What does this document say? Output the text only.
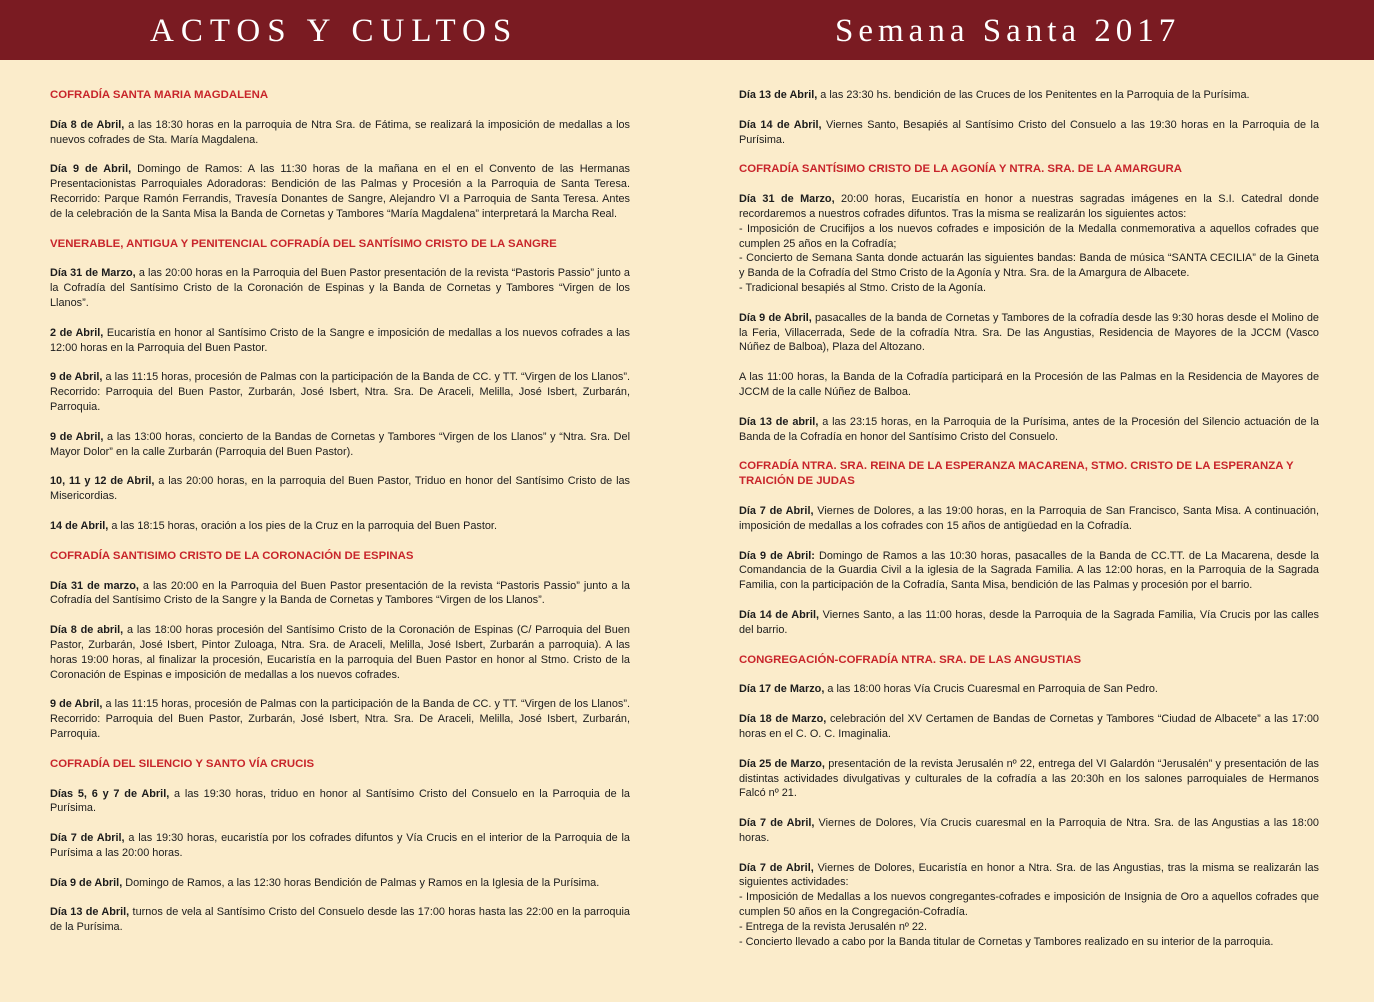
ACTOS Y CULTOS	Semana Santa 2017
COFRADÍA SANTA MARIA MAGDALENA
Día 8 de Abril, a las 18:30 horas en la parroquia de Ntra Sra. de Fátima, se realizará la imposición de medallas a los nuevos cofrades de Sta. María Magdalena.
Día 9 de Abril, Domingo de Ramos: A las 11:30 horas de la mañana en el en el Convento de las Hermanas Presentacionistas Parroquiales Adoradoras: Bendición de las Palmas y Procesión a la Parroquia de Santa Teresa. Recorrido: Parque Ramón Ferrandis, Travesía Donantes de Sangre, Alejandro VI a Parroquia de Santa Teresa. Antes de la celebración de la Santa Misa la Banda de Cornetas y Tambores “María Magdalena” interpretará la Marcha Real.
VENERABLE, ANTIGUA Y PENITENCIAL COFRADÍA DEL SANTÍSIMO CRISTO DE LA SANGRE
Día 31 de Marzo, a las 20:00 horas en la Parroquia del Buen Pastor presentación de la revista “Pastoris Passio” junto a la Cofradía del Santísimo Cristo de la Coronación de Espinas y la Banda de Cornetas y Tambores “Virgen de los Llanos”.
2 de Abril, Eucaristía en honor al Santísimo Cristo de la Sangre e imposición de medallas a los nuevos cofrades a las 12:00 horas en la Parroquia del Buen Pastor.
9 de Abril, a las 11:15 horas, procesión de Palmas con la participación de la Banda de CC. y TT. “Virgen de los Llanos”. Recorrido: Parroquia del Buen Pastor, Zurbarán, José Isbert, Ntra. Sra. De Araceli, Melilla, José Isbert, Zurbarán, Parroquia.
9 de Abril, a las 13:00 horas, concierto de la Bandas de Cornetas y Tambores “Virgen de los Llanos” y “Ntra. Sra. Del Mayor Dolor” en la calle Zurbarán (Parroquia del Buen Pastor).
10, 11 y 12 de Abril, a las 20:00 horas, en la parroquia del Buen Pastor, Triduo en honor del Santísimo Cristo de las Misericordias.
14 de Abril, a las 18:15 horas, oración a los pies de la Cruz en la parroquia del Buen Pastor.
COFRADÍA SANTISIMO CRISTO DE LA CORONACIÓN DE ESPINAS
Día 31 de marzo, a las 20:00 en la Parroquia del Buen Pastor presentación de la revista “Pastoris Passio” junto a la Cofradía del Santísimo Cristo de la Sangre y la Banda de Cornetas y Tambores “Virgen de los Llanos”.
Día 8 de abril, a las 18:00 horas procesión del Santísimo Cristo de la Coronación de Espinas (C/ Parroquia del Buen Pastor, Zurbarán, José Isbert, Pintor Zuloaga, Ntra. Sra. de Araceli, Melilla, José Isbert, Zurbarán a parroquia). A las horas 19:00 horas, al finalizar la procesión, Eucaristía en la parroquia del Buen Pastor en honor al Stmo. Cristo de la Coronación de Espinas e imposición de medallas a los nuevos cofrades.
9 de Abril, a las 11:15 horas, procesión de Palmas con la participación de la Banda de CC. y TT. “Virgen de los Llanos”. Recorrido: Parroquia del Buen Pastor, Zurbarán, José Isbert, Ntra. Sra. De Araceli, Melilla, José Isbert, Zurbarán, Parroquia.
COFRADÍA DEL SILENCIO Y SANTO VÍA CRUCIS
Días 5, 6 y 7 de Abril, a las 19:30 horas, triduo en honor al Santísimo Cristo del Consuelo en la Parroquia de la Purísima.
Día 7 de Abril, a las 19:30 horas, eucaristía por los cofrades difuntos y Vía Crucis en el interior de la Parroquia de la Purísima a las 20:00 horas.
Día 9 de Abril, Domingo de Ramos, a las 12:30 horas Bendición de Palmas y Ramos en la Iglesia de la Purísima.
Día 13 de Abril, turnos de vela al Santísimo Cristo del Consuelo desde las 17:00 horas hasta las 22:00 en la parroquia de la Purísima.
Día 13 de Abril, a las 23:30 hs. bendición de las Cruces de los Penitentes en la Parroquia de la Purísima.
Día 14 de Abril, Viernes Santo, Besapiés al Santísimo Cristo del Consuelo a las 19:30 horas en la Parroquia de la Purísima.
COFRADÍA SANTÍSIMO CRISTO DE LA AGONÍA Y NTRA. SRA. DE LA AMARGURA
Día 31 de Marzo, 20:00 horas, Eucaristía en honor a nuestras sagradas imágenes en la S.I. Catedral donde recordaremos a nuestros cofrades difuntos. Tras la misma se realizarán los siguientes actos:
- Imposición de Crucifijos a los nuevos cofrades e imposición de la Medalla conmemorativa a aquellos cofrades que cumplen 25 años en la Cofradía;
- Concierto de Semana Santa donde actuarán las siguientes bandas: Banda de música “SANTA CECILIA” de la Gineta y Banda de la Cofradía del Stmo Cristo de la Agonía y Ntra. Sra. de la Amargura de Albacete.
- Tradicional besapiés al Stmo. Cristo de la Agonía.
Día 9 de Abril, pasacalles de la banda de Cornetas y Tambores de la cofradía desde las 9:30 horas desde el Molino de la Feria, Villacerrada, Sede de la cofradía Ntra. Sra. De las Angustias, Residencia de Mayores de la JCCM (Vasco Núñez de Balboa), Plaza del Altozano.
A las 11:00 horas, la Banda de la Cofradía participará en la Procesión de las Palmas en la Residencia de Mayores de JCCM de la calle Núñez de Balboa.
Día 13 de abril, a las 23:15 horas, en la Parroquia de la Purísima, antes de la Procesión del Silencio actuación de la Banda de la Cofradía en honor del Santísimo Cristo del Consuelo.
COFRADÍA NTRA. SRA. REINA DE LA ESPERANZA MACARENA, STMO. CRISTO DE LA ESPERANZA Y TRAICIÓN DE JUDAS
Día 7 de Abril, Viernes de Dolores, a las 19:00 horas, en la Parroquia de San Francisco, Santa Misa. A continuación, imposición de medallas a los cofrades con 15 años de antigüedad en la Cofradía.
Día 9 de Abril: Domingo de Ramos a las 10:30 horas, pasacalles de la Banda de CC.TT. de La Macarena, desde la Comandancia de la Guardia Civil a la iglesia de la Sagrada Familia. A las 12:00 horas, en la Parroquia de la Sagrada Familia, con la participación de la Cofradía, Santa Misa, bendición de las Palmas y procesión por el barrio.
Día 14 de Abril, Viernes Santo, a las 11:00 horas, desde la Parroquia de la Sagrada Familia, Vía Crucis por las calles del barrio.
CONGREGACIÓN-COFRADÍA NTRA. SRA. DE LAS ANGUSTIAS
Día 17 de Marzo, a las 18:00 horas Vía Crucis Cuaresmal en Parroquia de San Pedro.
Día 18 de Marzo, celebración del XV Certamen de Bandas de Cornetas y Tambores “Ciudad de Albacete” a las 17:00 horas en el C. O. C. Imaginalia.
Día 25 de Marzo, presentación de la revista Jerusalén nº 22, entrega del VI Galardón “Jerusalén” y presentación de las distintas actividades divulgativas y culturales de la cofradía a las 20:30h en los salones parroquiales de Hermanos Falcó nº 21.
Día 7 de Abril, Viernes de Dolores, Vía Crucis cuaresmal en la Parroquia de Ntra. Sra. de las Angustias a las 18:00 horas.
Día 7 de Abril, Viernes de Dolores, Eucaristía en honor a Ntra. Sra. de las Angustias, tras la misma se realizarán las siguientes actividades:
- Imposición de Medallas a los nuevos congregantes-cofrades e imposición de Insignia de Oro a aquellos cofrades que cumplen 50 años en la Congregación-Cofradía.
- Entrega de la revista Jerusalén nº 22.
- Concierto llevado a cabo por la Banda titular de Cornetas y Tambores realizado en su interior de la parroquia.
